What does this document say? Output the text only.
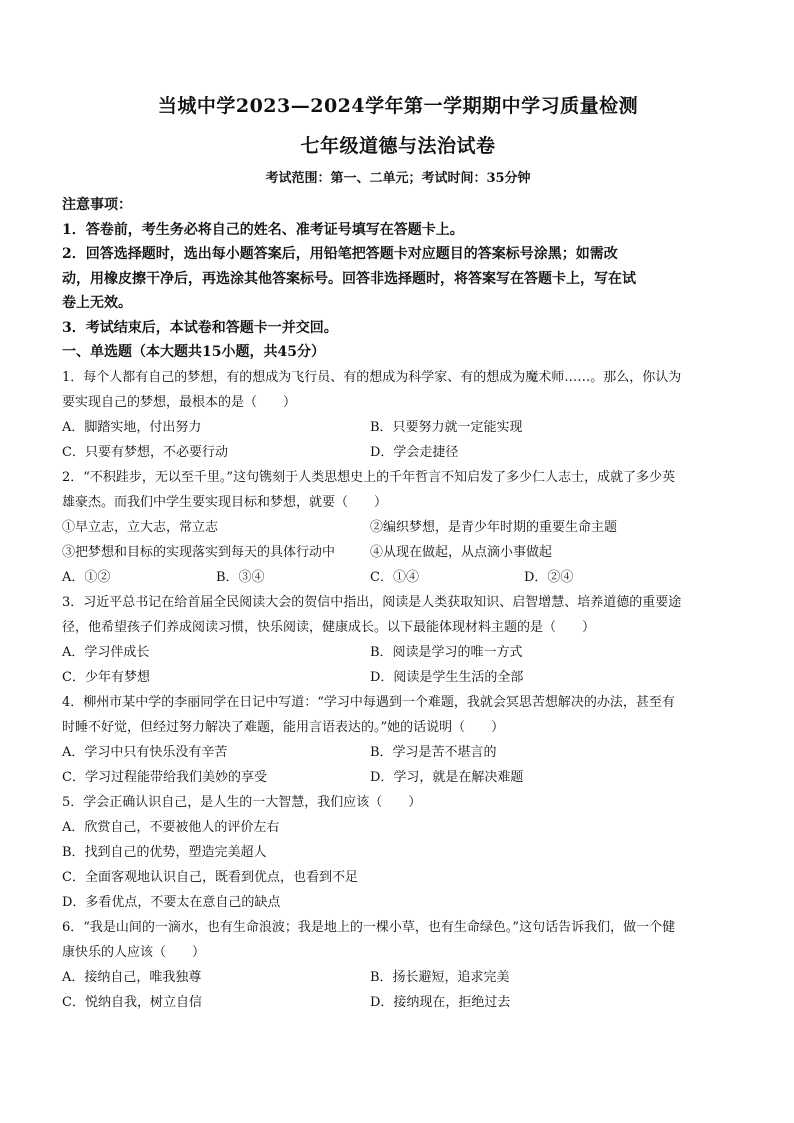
当城中学2023—2024学年第一学期期中学习质量检测
七年级道德与法治试卷
考试范围：第一、二单元；考试时间：35分钟
注意事项：
1．答卷前，考生务必将自己的姓名、准考证号填写在答题卡上。
2．回答选择题时，选出每小题答案后，用铅笔把答题卡对应题目的答案标号涂黑；如需改
动，用橡皮擦干净后，再选涂其他答案标号。回答非选择题时，将答案写在答题卡上，写在试
卷上无效。
3．考试结束后，本试卷和答题卡一并交回。
一、单选题（本大题共15小题，共45分）
1．每个人都有自己的梦想，有的想成为飞行员、有的想成为科学家、有的想成为魔术师……。那么，你认为
要实现自己的梦想，最根本的是（　　）
A．脚踏实地，付出努力	B．只要努力就一定能实现
C．只要有梦想，不必要行动	D．学会走捷径
2．“不积跬步，无以至千里。”这句镌刻于人类思想史上的千年哲言不知启发了多少仁人志士，成就了多少英
雄豪杰。而我们中学生要实现目标和梦想，就要（　　）
①早立志，立大志，常立志	②编织梦想，是青少年时期的重要生命主题
③把梦想和目标的实现落实到每天的具体行动中	④从现在做起，从点滴小事做起
A．①②	B．③④	C．①④	D．②④
3．习近平总书记在给首届全民阅读大会的贺信中指出，阅读是人类获取知识、启智增慧、培养道德的重要途
径，他希望孩子们养成阅读习惯，快乐阅读，健康成长。以下最能体现材料主题的是（　　）
A．学习伴成长	B．阅读是学习的唯一方式
C．少年有梦想	D．阅读是学生生活的全部
4．柳州市某中学的李丽同学在日记中写道：“学习中每遇到一个难题，我就会冥思苦想解决的办法，甚至有
时睡不好觉，但经过努力解决了难题，能用言语表达的。”她的话说明（　　）
A．学习中只有快乐没有辛苦	B．学习是苦不堪言的
C．学习过程能带给我们美妙的享受	D．学习，就是在解决难题
5．学会正确认识自己，是人生的一大智慧，我们应该（　　）
A．欣赏自己，不要被他人的评价左右
B．找到自己的优势，塑造完美超人
C．全面客观地认识自己，既看到优点，也看到不足
D．多看优点，不要太在意自己的缺点
6．“我是山间的一滴水，也有生命浪波；我是地上的一棵小草，也有生命绿色。”这句话告诉我们，做一个健
康快乐的人应该（　　）
A．接纳自己，唯我独尊	B．扬长避短，追求完美
C．悦纳自我，树立自信	D．接纳现在，拒绝过去
